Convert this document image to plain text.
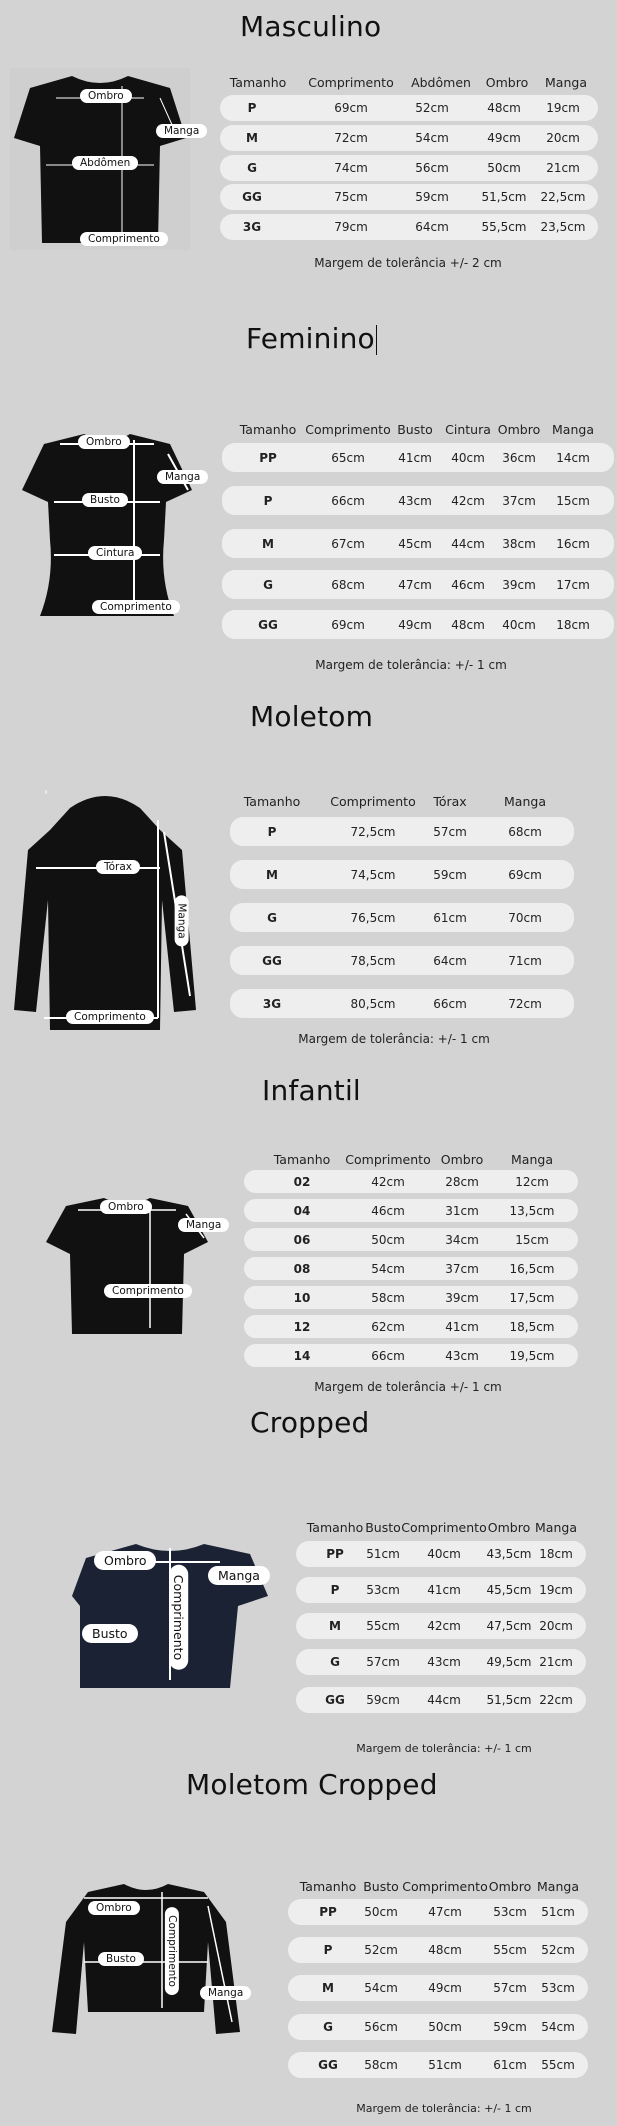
Masculino
Ombro
Manga
Abdômen
Comprimento
Tamanho Comprimento Abdômen Ombro Manga
P	69cm	52cm	48cm 19cm
M	72cm	54cm	49cm 20cm
G	74cm	56cm	50cm 21cm
GG	75cm	59cm	51,5cm 22,5cm
3G	79cm	64cm	55,5cm 23,5cm
Margem de tolerância +/- 2 cm
Feminino
Ombro
Manga
Busto
Cintura
Comprimento
Tamanho Comprimento Busto Cintura Ombro Manga
PP	65cm	41cm 40cm 36cm 14cm
P	66cm	43cm 42cm 37cm 15cm
M	67cm	45cm 44cm 38cm 16cm
G	68cm	47cm 46cm 39cm 17cm
GG	69cm	49cm 48cm 40cm 18cm
Margem de tolerância: +/- 1 cm
Moletom
Tórax
Manga
Comprimento
Tamanho Comprimento Tórax	Manga
P	72,5cm	57cm	68cm
M	74,5cm	59cm	69cm
G	76,5cm	61cm	70cm
GG	78,5cm	64cm	71cm
3G	80,5cm	66cm	72cm
Margem de tolerância: +/- 1 cm
Infantil
Ombro
Manga
Comprimento
Tamanho Comprimento Ombro Manga
02	42cm	28cm	12cm
04	46cm	31cm	13,5cm
06	50cm	34cm	15cm
08	54cm	37cm	16,5cm
10	58cm	39cm	17,5cm
12	62cm	41cm	18,5cm
14	66cm	43cm	19,5cm
Margem de tolerância +/- 1 cm
Cropped
Ombro
Manga
Comprimento
Busto
Tamanho Busto Comprimento Ombro Manga
PP 51cm 40cm 43,5cm 18cm
P 53cm 41cm 45,5cm 19cm
M 55cm 42cm 47,5cm 20cm
G 57cm 43cm 49,5cm 21cm
GG 59cm 44cm 51,5cm 22cm
Margem de tolerância: +/- 1 cm
Moletom Cropped
Ombro
Busto	Comprimento
Manga
Tamanho Busto Comprimento Ombro Manga
PP 50cm	47cm	53cm 51cm
P	52cm	48cm	55cm 52cm
M	54cm	49cm	57cm 53cm
G	56cm	50cm	59cm 54cm
GG 58cm	51cm	61cm 55cm
Margem de tolerância: +/- 1 cm
